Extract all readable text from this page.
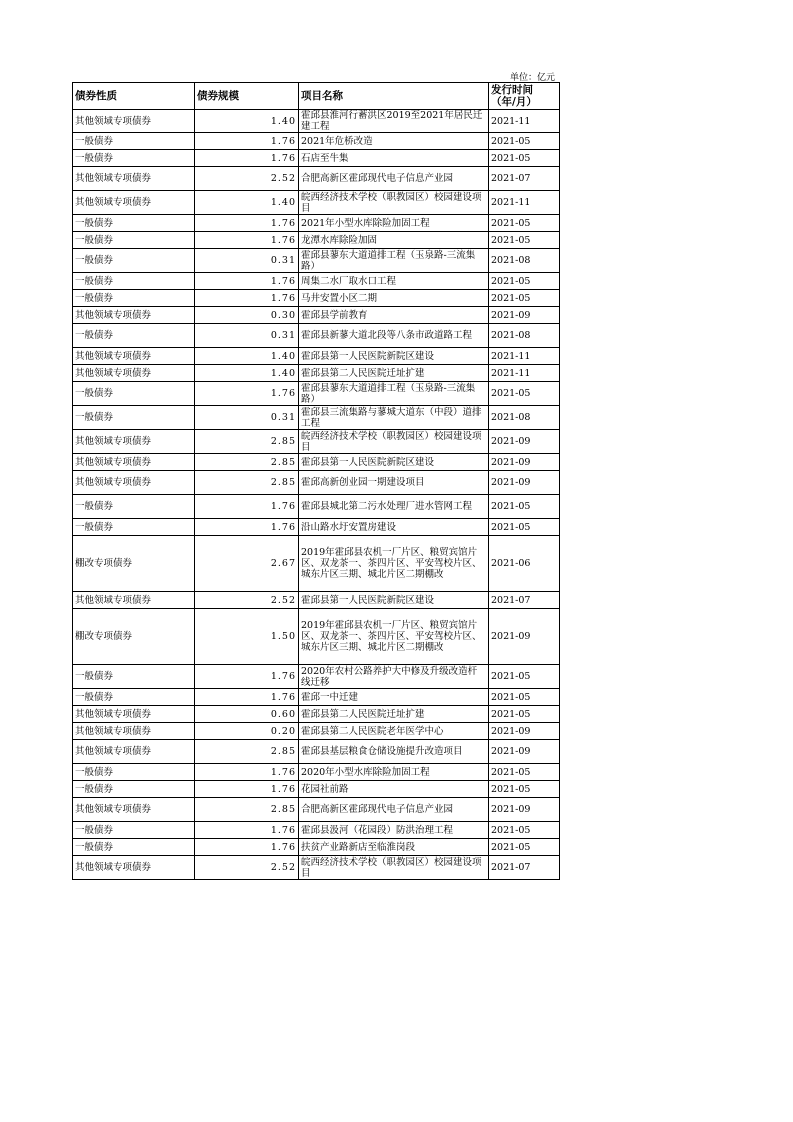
单位：亿元
债券性质	债券规模	项目名称	发行时间（年/月）
其他领域专项债券	1.40	霍邱县淮河行蓄洪区2019至2021年居民迁建工程	2021-11
一般债券	1.76	2021年危桥改造	2021-05
一般债券	1.76	石店至牛集	2021-05
其他领域专项债券	2.52	合肥高新区霍邱现代电子信息产业园	2021-07
其他领域专项债券	1.40	皖西经济技术学校（职教园区）校园建设项目	2021-11
一般债券	1.76	2021年小型水库除险加固工程	2021-05
一般债券	1.76	龙潭水库除险加固	2021-05
一般债券	0.31	霍邱县蓼东大道道排工程（玉泉路-三流集路）	2021-08
一般债券	1.76	周集二水厂取水口工程	2021-05
一般债券	1.76	马井安置小区二期	2021-05
其他领域专项债券	0.30	霍邱县学前教育	2021-09
一般债券	0.31	霍邱县新蓼大道北段等八条市政道路工程	2021-08
其他领域专项债券	1.40	霍邱县第一人民医院新院区建设	2021-11
其他领域专项债券	1.40	霍邱县第二人民医院迁址扩建	2021-11
一般债券	1.76	霍邱县蓼东大道道排工程（玉泉路-三流集路）	2021-05
一般债券	0.31	霍邱县三流集路与蓼城大道东（中段）道排工程	2021-08
其他领域专项债券	2.85	皖西经济技术学校（职教园区）校园建设项目	2021-09
其他领域专项债券	2.85	霍邱县第一人民医院新院区建设	2021-09
其他领域专项债券	2.85	霍邱高新创业园一期建设项目	2021-09
一般债券	1.76	霍邱县城北第二污水处理厂进水管网工程	2021-05
一般债券	1.76	沿山路水圩安置房建设	2021-05
棚改专项债券	2.67	2019年霍邱县农机一厂片区、粮贸宾馆片区、双龙茶一、茶四片区、平安驾校片区、城东片区三期、城北片区二期棚改	2021-06
其他领域专项债券	2.52	霍邱县第一人民医院新院区建设	2021-07
棚改专项债券	1.50	2019年霍邱县农机一厂片区、粮贸宾馆片区、双龙茶一、茶四片区、平安驾校片区、城东片区三期、城北片区二期棚改	2021-09
一般债券	1.76	2020年农村公路养护大中修及升级改造杆线迁移	2021-05
一般债券	1.76	霍邱一中迁建	2021-05
其他领域专项债券	0.60	霍邱县第二人民医院迁址扩建	2021-05
其他领域专项债券	0.20	霍邱县第二人民医院老年医学中心	2021-09
其他领域专项债券	2.85	霍邱县基层粮食仓储设施提升改造项目	2021-09
一般债券	1.76	2020年小型水库除险加固工程	2021-05
一般债券	1.76	花园社前路	2021-05
其他领域专项债券	2.85	合肥高新区霍邱现代电子信息产业园	2021-09
一般债券	1.76	霍邱县汲河（花园段）防洪治理工程	2021-05
一般债券	1.76	扶贫产业路新店至临淮岗段	2021-05
其他领域专项债券	2.52	皖西经济技术学校（职教园区）校园建设项目	2021-07
